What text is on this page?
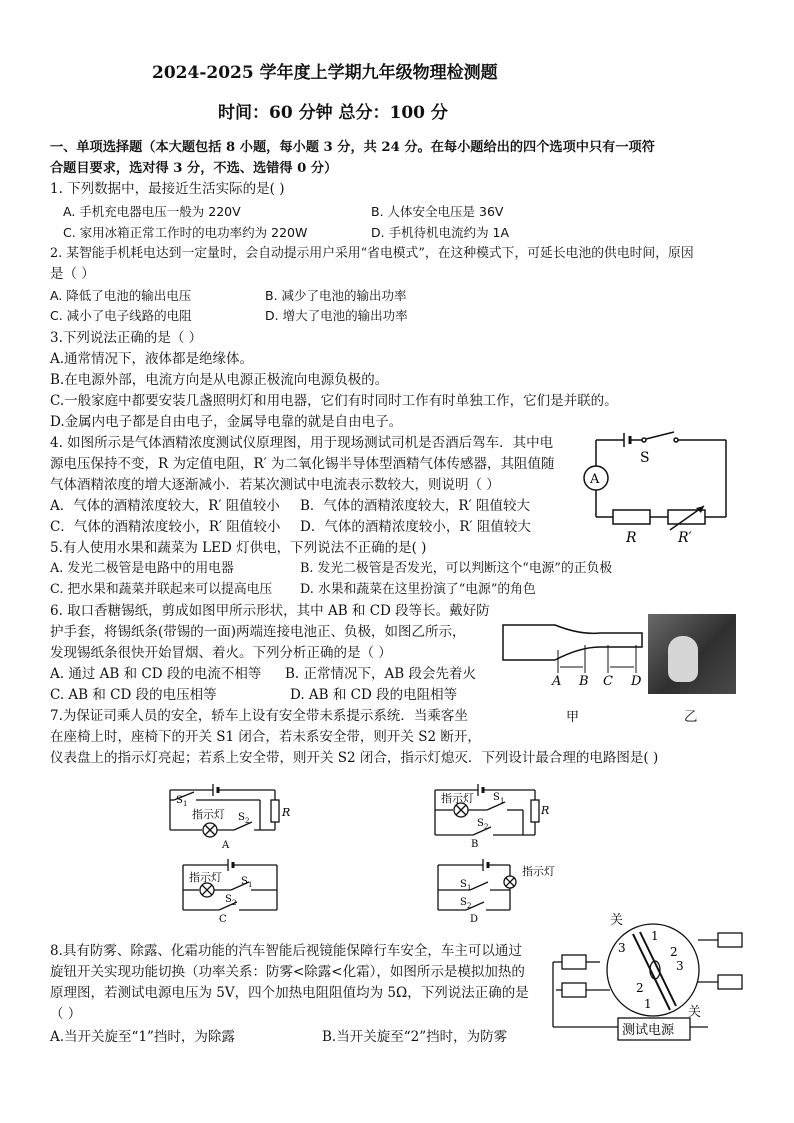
2024-2025 学年度上学期九年级物理检测题
时间：60 分钟 总分：100 分
一、单项选择题（本大题包括 8 小题，每小题 3 分，共 24 分。在每小题给出的四个选项中只有一项符
合题目要求，选对得 3 分，不选、选错得 0 分）
1. 下列数据中，最接近生活实际的是( )
A. 手机充电器电压一般为 220V	B. 人体安全电压是 36V
C. 家用冰箱正常工作时的电功率约为 220W	D. 手机待机电流约为 1A
2. 某智能手机耗电达到一定量时，会自动提示用户采用“省电模式”，在这种模式下，可延长电池的供电时间，原因
是（ ）
A. 降低了电池的输出电压	B. 减少了电池的输出功率
C. 减小了电子线路的电阻	D. 增大了电池的输出功率
3.下列说法正确的是（ ）
A.通常情况下，液体都是绝缘体。
B.在电源外部，电流方向是从电源正极流向电源负极的。
C.一般家庭中都要安装几盏照明灯和用电器，它们有时同时工作有时单独工作，它们是并联的。
D.金属内电子都是自由电子，金属导电靠的就是自由电子。
4. 如图所示是气体酒精浓度测试仪原理图，用于现场测试司机是否酒后驾车．其中电
源电压保持不变，R 为定值电阻，R′ 为二氧化锡半导体型酒精气体传感器，其阻值随
气体酒精浓度的增大逐渐减小．若某次测试中电流表示数较大，则说明（ ）
A．气体的酒精浓度较大，R′ 阻值较小 B．气体的酒精浓度较大，R′ 阻值较大
C．气体的酒精浓度较小，R′ 阻值较小 D．气体的酒精浓度较小，R′ 阻值较大
A
S
R	R′
5.有人使用水果和蔬菜为 LED 灯供电，下列说法不正确的是( )
A. 发光二极管是电路中的用电器	B. 发光二极管是否发光，可以判断这个“电源”的正负极
C. 把水果和蔬菜并联起来可以提高电压 D. 水果和蔬菜在这里扮演了“电源”的角色
6. 取口香糖锡纸，剪成如图甲所示形状，其中 AB 和 CD 段等长。戴好防
护手套，将锡纸条(带锡的一面)两端连接电池正、负极，如图乙所示，
发现锡纸条很快开始冒烟、着火。下列分析正确的是（ ）
A. 通过 AB 和 CD 段的电流不相等 B. 正常情况下，AB 段会先着火
C. AB 和 CD 段的电压相等	D. AB 和 CD 段的电阻相等
A B C D
甲	乙
7.为保证司乘人员的安全，轿车上设有安全带未系提示系统．当乘客坐
在座椅上时，座椅下的开关 S1 闭合，若未系安全带，则开关 S2 断开，
仪表盘上的指示灯亮起；若系上安全带，则开关 S2 闭合，指示灯熄灭．下列设计最合理的电路图是( )
S 1
指示灯 S 2
R
A
指示灯 S 1
S 2
R
B
指示灯 S 1
S 2
C
指示灯
S 1
S 2
D
8.具有防雾、除露、化霜功能的汽车智能后视镜能保障行车安全，车主可以通过
旋钮开关实现功能切换（功率关系：防雾<除露<化霜），如图所示是模拟加热的
原理图，若测试电源电压为 5V，四个加热电阻阻值均为 5Ω，下列说法正确的是
（ ）
A.当开关旋至“1”挡时，为除露	B.当开关旋至“2”挡时，为防雾
关
关
1
3	2
3
2
1
测试电源
